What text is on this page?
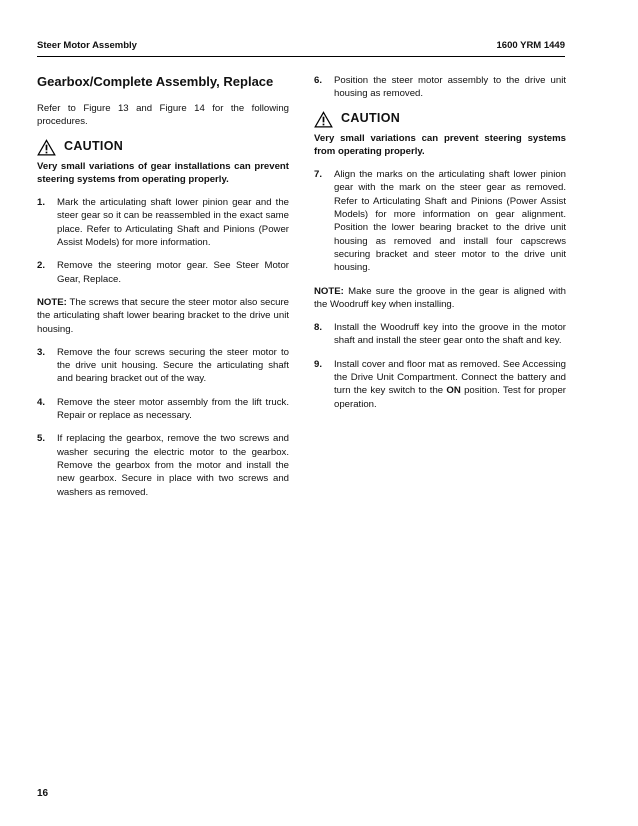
Steer Motor Assembly	1600 YRM 1449
Gearbox/Complete Assembly, Replace

Refer to Figure 13 and Figure 14 for the following procedures.

CAUTION
Very small variations of gear installations can prevent steering systems from operating properly.
1.	Mark the articulating shaft lower pinion gear and the steer gear so it can be reassembled in the exact same place. Refer to Articulating Shaft and Pinions (Power Assist Models) for more information.
2.	Remove the steering motor gear. See Steer Motor Gear, Replace.

NOTE: The screws that secure the steer motor also secure the articulating shaft lower bearing bracket to the drive unit housing.

3.	Remove the four screws securing the steer motor to the drive unit housing. Secure the articulating shaft and bearing bracket out of the way.
4.	Remove the steer motor assembly from the lift truck. Repair or replace as necessary.
5.	If replacing the gearbox, remove the two screws and washer securing the electric motor to the gearbox. Remove the gearbox from the motor and install the new gearbox. Secure in place with two screws and washers as removed.
6.	Position the steer motor assembly to the drive unit housing as removed.
CAUTION
Very small variations can prevent steering systems from operating properly.
7.	Align the marks on the articulating shaft lower pinion gear with the mark on the steer gear as removed. Refer to Articulating Shaft and Pinions (Power Assist Models) for more information on gear alignment. Position the lower bearing bracket to the drive unit housing as removed and install four capscrews securing bracket and steer motor to the drive unit housing.

NOTE: Make sure the groove in the gear is aligned with the Woodruff key when installing.

8.	Install the Woodruff key into the groove in the motor shaft and install the steer gear onto the shaft and key.
9.	Install cover and floor mat as removed. See Accessing the Drive Unit Compartment. Connect the battery and turn the key switch to the ON position. Test for proper operation.
16
